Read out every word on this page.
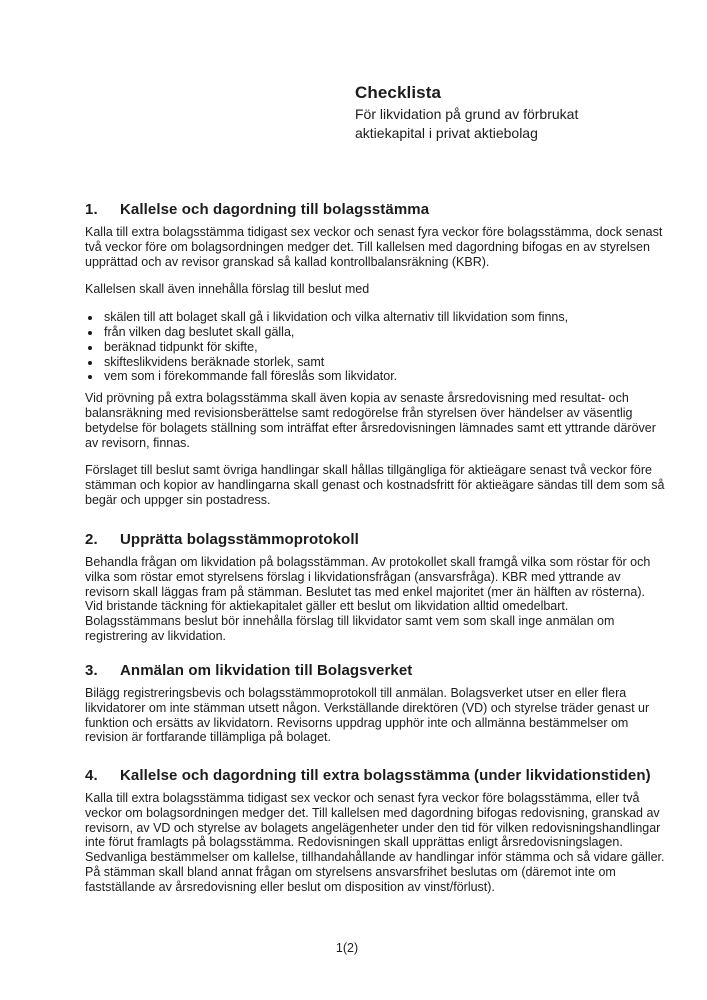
Checklista
För likvidation på grund av förbrukat
aktiekapital i privat aktiebolag
1. Kallelse och dagordning till bolagsstämma

Kalla till extra bolagsstämma tidigast sex veckor och senast fyra veckor före bolagsstämma, dock senast två veckor före om bolagsordningen medger det. Till kallelsen med dagordning bifogas en av styrelsen upprättad och av revisor granskad så kallad kontrollbalansräkning (KBR).

Kallelsen skall även innehålla förslag till beslut med

• skälen till att bolaget skall gå i likvidation och vilka alternativ till likvidation som finns,
• från vilken dag beslutet skall gälla,
• beräknad tidpunkt för skifte,
• skifteslikvidens beräknade storlek, samt
• vem som i förekommande fall föreslås som likvidator.

Vid prövning på extra bolagsstämma skall även kopia av senaste årsredovisning med resultat- och balansräkning med revisionsberättelse samt redogörelse från styrelsen över händelser av väsentlig betydelse för bolagets ställning som inträffat efter årsredovisningen lämnades samt ett yttrande däröver av revisorn, finnas.

Förslaget till beslut samt övriga handlingar skall hållas tillgängliga för aktieägare senast två veckor före stämman och kopior av handlingarna skall genast och kostnadsfritt för aktieägare sändas till dem som så begär och uppger sin postadress.

2. Upprätta bolagsstämmoprotokoll

Behandla frågan om likvidation på bolagsstämman. Av protokollet skall framgå vilka som röstar för och vilka som röstar emot styrelsens förslag i likvidationsfrågan (ansvarsfråga). KBR med yttrande av revisorn skall läggas fram på stämman. Beslutet tas med enkel majoritet (mer än hälften av rösterna). Vid bristande täckning för aktiekapitalet gäller ett beslut om likvidation alltid omedelbart. Bolagsstämmans beslut bör innehålla förslag till likvidator samt vem som skall inge anmälan om registrering av likvidation.

3. Anmälan om likvidation till Bolagsverket

Bilägg registreringsbevis och bolagsstämmoprotokoll till anmälan. Bolagsverket utser en eller flera likvidatorer om inte stämman utsett någon. Verkställande direktören (VD) och styrelse träder genast ur funktion och ersätts av likvidatorn. Revisorns uppdrag upphör inte och allmänna bestämmelser om revision är fortfarande tillämpliga på bolaget.

4. Kallelse och dagordning till extra bolagsstämma (under likvidationstiden)

Kalla till extra bolagsstämma tidigast sex veckor och senast fyra veckor före bolagsstämma, eller två veckor om bolagsordningen medger det. Till kallelsen med dagordning bifogas redovisning, granskad av revisorn, av VD och styrelse av bolagets angelägenheter under den tid för vilken redovisningshandlingar inte förut framlagts på bolagsstämma. Redovisningen skall upprättas enligt årsredovisningslagen. Sedvanliga bestämmelser om kallelse, tillhandahållande av handlingar inför stämma och så vidare gäller. På stämman skall bland annat frågan om styrelsens ansvarsfrihet beslutas om (däremot inte om fastställande av årsredovisning eller beslut om disposition av vinst/förlust).

1(2)
